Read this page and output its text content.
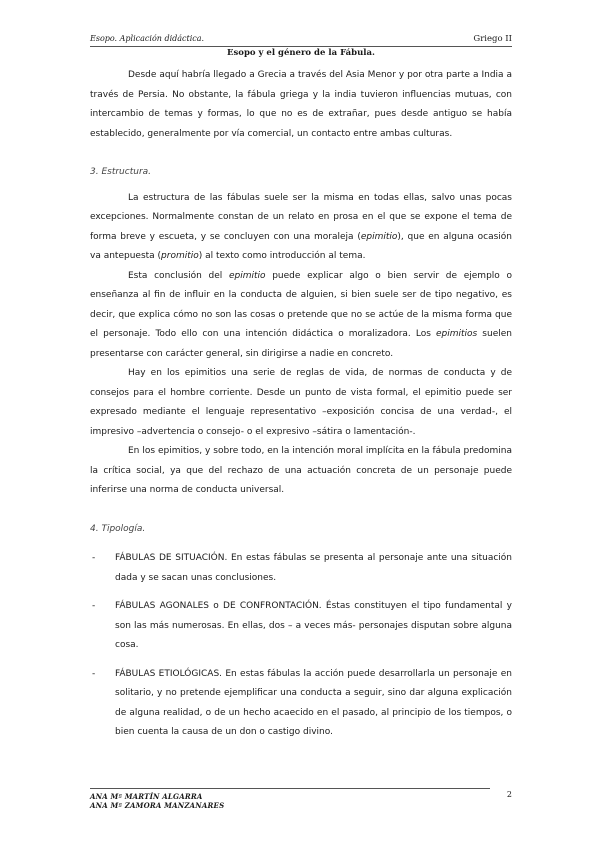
Esopo. Aplicación didáctica.	Griego II
Esopo y el género de la Fábula.

Desde aquí habría llegado a Grecia a través del Asia Menor y por otra parte a India a través de Persia. No obstante, la fábula griega y la india tuvieron influencias mutuas, con intercambio de temas y formas, lo que no es de extrañar, pues desde antiguo se había establecido, generalmente por vía comercial, un contacto entre ambas culturas.

3. Estructura.

La estructura de las fábulas suele ser la misma en todas ellas, salvo unas pocas excepciones. Normalmente constan de un relato en prosa en el que se expone el tema de forma breve y escueta, y se concluyen con una moraleja (epimitio), que en alguna ocasión va antepuesta (promitio) al texto como introducción al tema.

Esta conclusión del epimitio puede explicar algo o bien servir de ejemplo o enseñanza al fin de influir en la conducta de alguien, si bien suele ser de tipo negativo, es decir, que explica cómo no son las cosas o pretende que no se actúe de la misma forma que el personaje. Todo ello con una intención didáctica o moralizadora. Los epimitios suelen presentarse con carácter general, sin dirigirse a nadie en concreto.

Hay en los epimitios una serie de reglas de vida, de normas de conducta y de consejos para el hombre corriente. Desde un punto de vista formal, el epimitio puede ser expresado mediante el lenguaje representativo –exposición concisa de una verdad-, el impresivo –advertencia o consejo- o el expresivo –sátira o lamentación-.

En los epimitios, y sobre todo, en la intención moral implícita en la fábula predomina la crítica social, ya que del rechazo de una actuación concreta de un personaje puede inferirse una norma de conducta universal.

4. Tipología.

- FÁBULAS DE SITUACIÓN. En estas fábulas se presenta al personaje ante una situación dada y se sacan unas conclusiones.
- FÁBULAS AGONALES o DE CONFRONTACIÓN. Éstas constituyen el tipo fundamental y son las más numerosas. En ellas, dos – a veces más- personajes disputan sobre alguna cosa.
- FÁBULAS ETIOLÓGICAS. En estas fábulas la acción puede desarrollarla un personaje en solitario, y no pretende ejemplificar una conducta a seguir, sino dar alguna explicación de alguna realidad, o de un hecho acaecido en el pasado, al principio de los tiempos, o bien cuenta la causa de un don o castigo divino.
2
ANA Mª MARTÍN ALGARRA
ANA Mª ZAMORA MANZANARES
